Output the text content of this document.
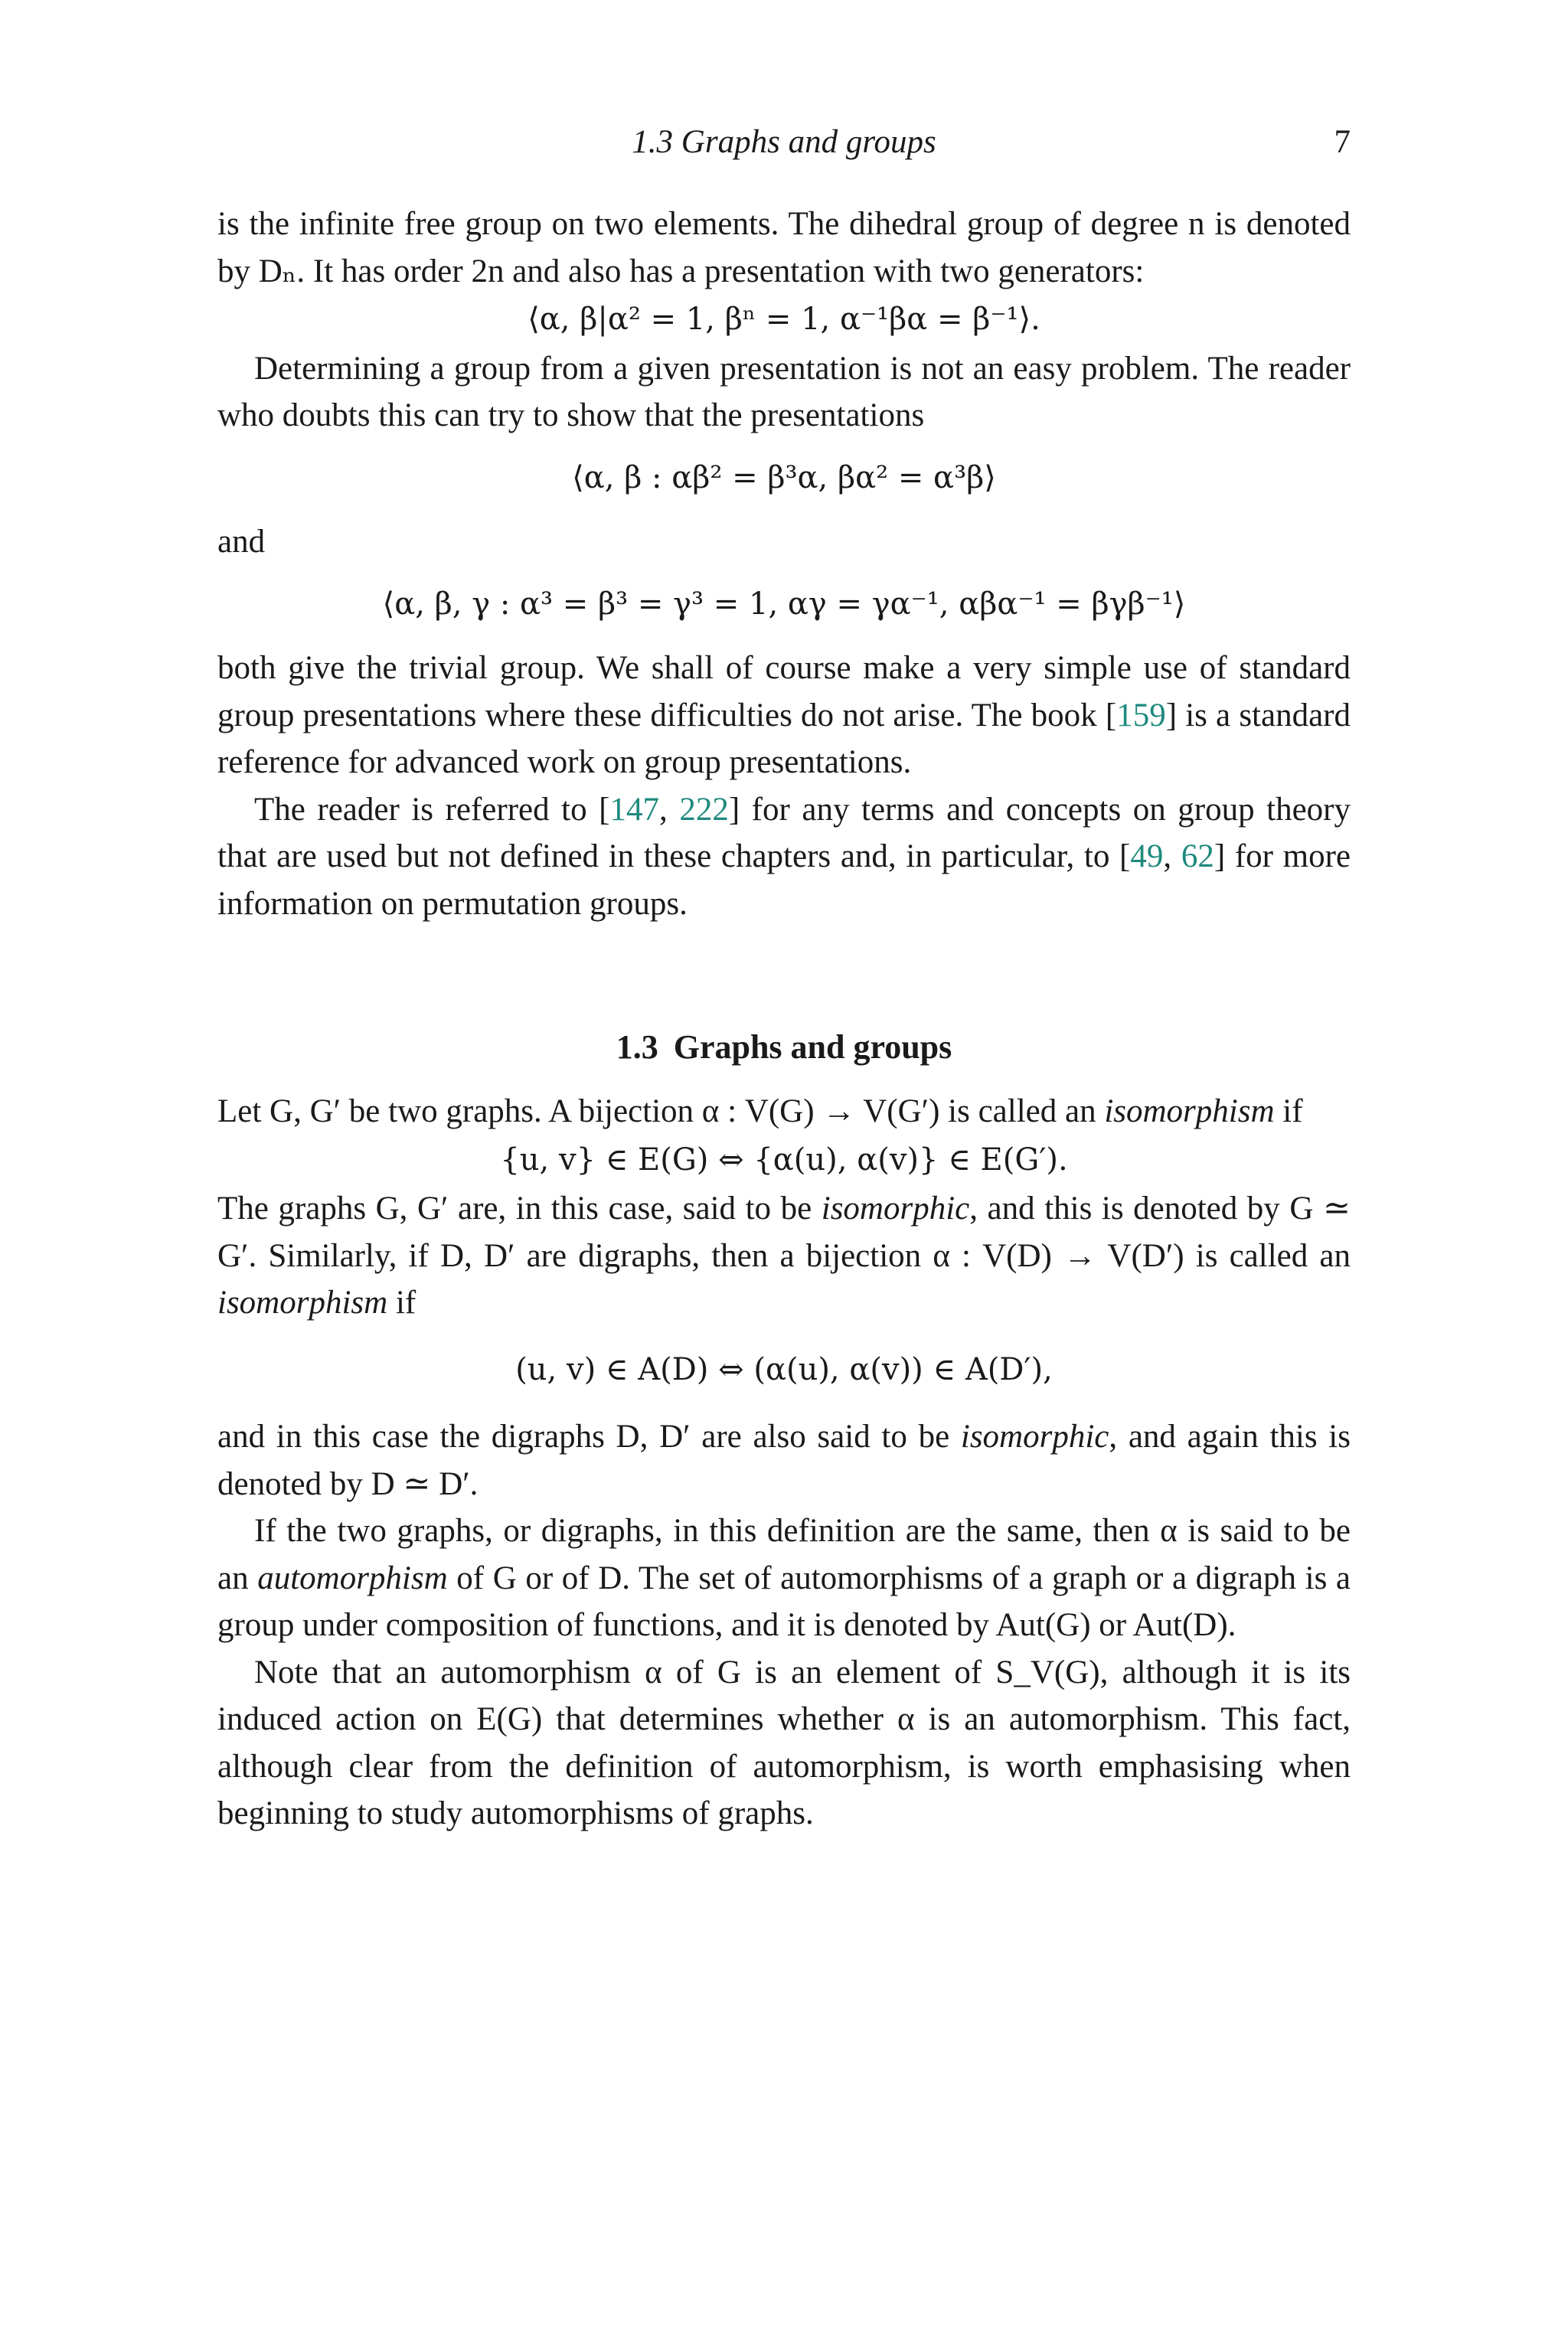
1.3 Graphs and groups	7

is the infinite free group on two elements. The dihedral group of degree n is denoted by Dₙ. It has order 2n and also has a presentation with two generators:

⟨α, β|α² = 1, βⁿ = 1, α⁻¹βα = β⁻¹⟩.

Determining a group from a given presentation is not an easy problem. The reader who doubts this can try to show that the presentations

⟨α, β : αβ² = β³α, βα² = α³β⟩

and

⟨α, β, γ : α³ = β³ = γ³ = 1, αγ = γα⁻¹, αβα⁻¹ = βγβ⁻¹⟩

both give the trivial group. We shall of course make a very simple use of standard group presentations where these difficulties do not arise. The book [159] is a standard reference for advanced work on group presentations.

The reader is referred to [147, 222] for any terms and concepts on group theory that are used but not defined in these chapters and, in particular, to [49, 62] for more information on permutation groups.

1.3 Graphs and groups

Let G, G′ be two graphs. A bijection α : V(G) → V(G′) is called an isomorphism if

{u, v} ∈ E(G) ⇔ {α(u), α(v)} ∈ E(G′).

The graphs G, G′ are, in this case, said to be isomorphic, and this is denoted by G ≃ G′. Similarly, if D, D′ are digraphs, then a bijection α : V(D) → V(D′) is called an isomorphism if

(u, v) ∈ A(D) ⇔ (α(u), α(v)) ∈ A(D′),

and in this case the digraphs D, D′ are also said to be isomorphic, and again this is denoted by D ≃ D′.

If the two graphs, or digraphs, in this definition are the same, then α is said to be an automorphism of G or of D. The set of automorphisms of a graph or a digraph is a group under composition of functions, and it is denoted by Aut(G) or Aut(D).

Note that an automorphism α of G is an element of S_V(G), although it is its induced action on E(G) that determines whether α is an automorphism. This fact, although clear from the definition of automorphism, is worth emphasising when beginning to study automorphisms of graphs.
